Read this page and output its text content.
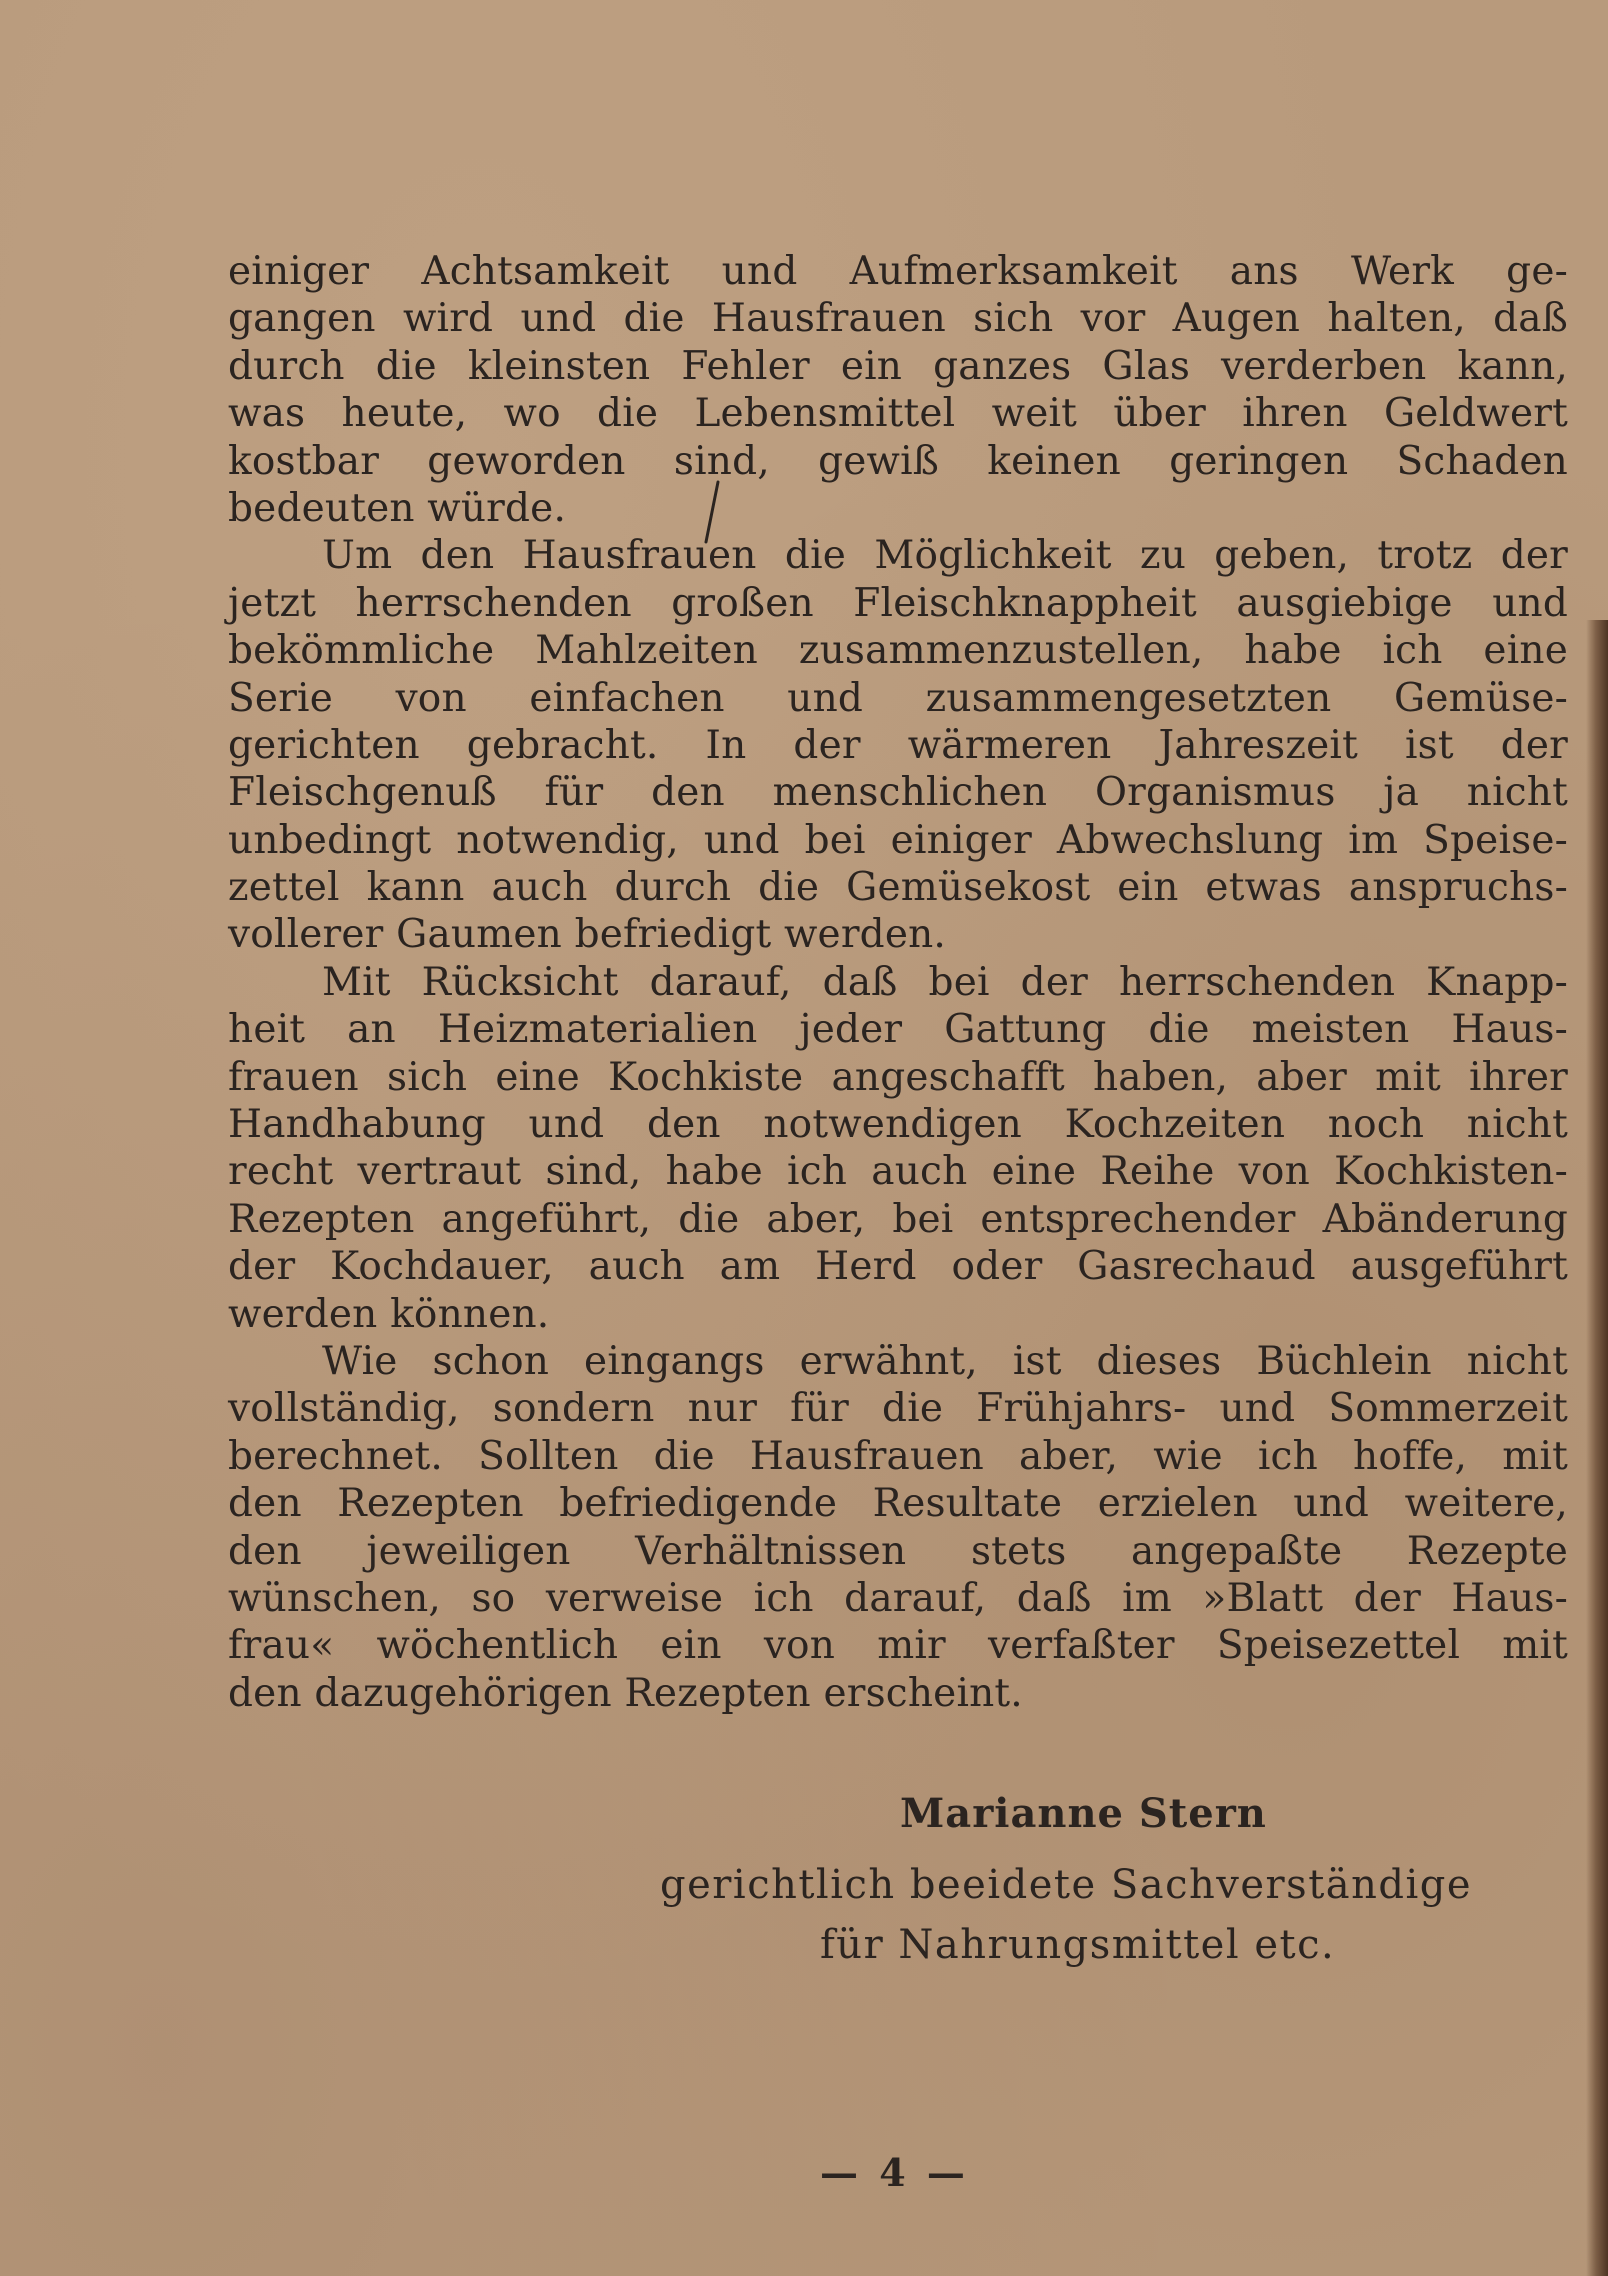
einiger Achtsamkeit und Aufmerksamkeit ans Werk ge-
gangen wird und die Hausfrauen sich vor Augen halten, daß
durch die kleinsten Fehler ein ganzes Glas verderben kann,
was heute, wo die Lebensmittel weit über ihren Geldwert
kostbar geworden sind, gewiß keinen geringen Schaden
bedeuten würde.
Um den Hausfrauen die Möglichkeit zu geben, trotz der
jetzt herrschenden großen Fleischknappheit ausgiebige und
bekömmliche Mahlzeiten zusammenzustellen, habe ich eine
Serie von einfachen und zusammengesetzten Gemüse-
gerichten gebracht. In der wärmeren Jahreszeit ist der
Fleischgenuß für den menschlichen Organismus ja nicht
unbedingt notwendig, und bei einiger Abwechslung im Speise-
zettel kann auch durch die Gemüsekost ein etwas anspruchs-
vollerer Gaumen befriedigt werden.
Mit Rücksicht darauf, daß bei der herrschenden Knapp-
heit an Heizmaterialien jeder Gattung die meisten Haus-
frauen sich eine Kochkiste angeschafft haben, aber mit ihrer
Handhabung und den notwendigen Kochzeiten noch nicht
recht vertraut sind, habe ich auch eine Reihe von Kochkisten-
Rezepten angeführt, die aber, bei entsprechender Abänderung
der Kochdauer, auch am Herd oder Gasrechaud ausgeführt
werden können.
Wie schon eingangs erwähnt, ist dieses Büchlein nicht
vollständig, sondern nur für die Frühjahrs- und Sommerzeit
berechnet. Sollten die Hausfrauen aber, wie ich hoffe, mit
den Rezepten befriedigende Resultate erzielen und weitere,
den jeweiligen Verhältnissen stets angepaßte Rezepte
wünschen, so verweise ich darauf, daß im »Blatt der Haus-
frau« wöchentlich ein von mir verfaßter Speisezettel mit
den dazugehörigen Rezepten erscheint.
Marianne Stern
gerichtlich beeidete Sachverständige
für Nahrungsmittel etc.
— 4 —
